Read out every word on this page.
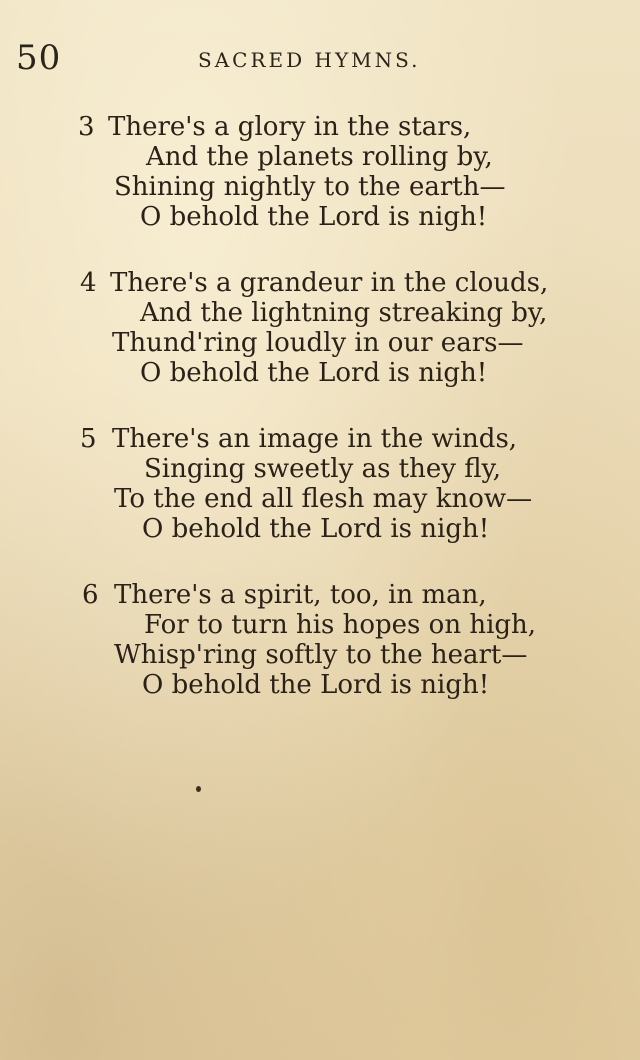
50	SACRED HYMNS.
3 There's a glory in the stars,
And the planets rolling by,
Shining nightly to the earth—
O behold the Lord is nigh!
4 There's a grandeur in the clouds,
And the lightning streaking by,
Thund'ring loudly in our ears—
O behold the Lord is nigh!
5 There's an image in the winds,
Singing sweetly as they fly,
To the end all flesh may know—
O behold the Lord is nigh!
6 There's a spirit, too, in man,
For to turn his hopes on high,
Whisp'ring softly to the heart—
O behold the Lord is nigh!
